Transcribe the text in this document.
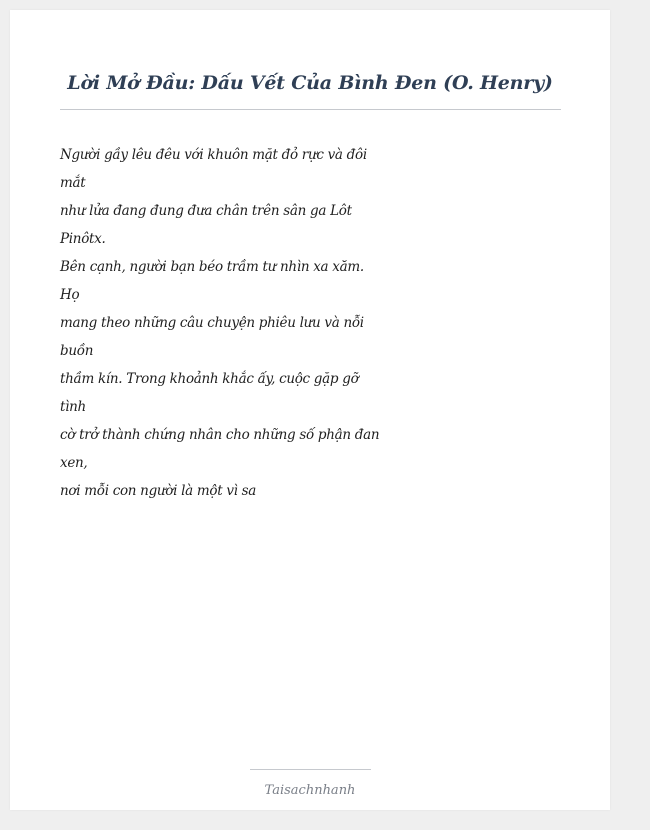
Lời Mở Đầu: Dấu Vết Của Bình Đen (O. Henry)
Người gầy lêu đêu với khuôn mặt đỏ rực và đôi
mắt
như lửa đang đung đưa chân trên sân ga Lôt
Pinôtx.
Bên cạnh, người bạn béo trầm tư nhìn xa xăm.
Họ
mang theo những câu chuyện phiêu lưu và nỗi
buồn
thầm kín. Trong khoảnh khắc ấy, cuộc gặp gỡ
tình
cờ trở thành chứng nhân cho những số phận đan
xen,
nơi mỗi con người là một vì sa
Taisachnhanh
